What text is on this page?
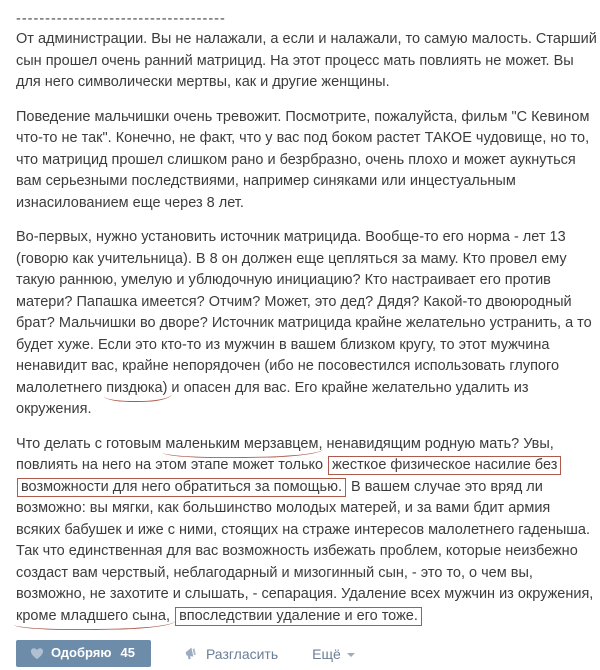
------------------------------------
От администрации. Вы не налажали, а если и налажали, то самую малость. Старший
сын прошел очень ранний матрицид. На этот процесс мать повлиять не может. Вы
для него символически мертвы, как и другие женщины.
Поведение мальчишки очень тревожит. Посмотрите, пожалуйста, фильм "С Кевином
что-то не так". Конечно, не факт, что у вас под боком растет ТАКОЕ чудовище, но то,
что матрицид прошел слишком рано и безрбразно, очень плохо и может аукнуться
вам серьезными последствиями, например синяками или инцестуальным
изнасилованием еще через 8 лет.
Во-первых, нужно установить источник матрицида. Вообще-то его норма - лет 13
(говорю как учительница). В 8 он должен еще цепляться за маму. Кто провел ему
такую раннюю, умелую и ублюдочную инициацию? Кто настраивает его против
матери? Папашка имеется? Отчим? Может, это дед? Дядя? Какой-то двоюродный
брат? Мальчишки во дворе? Источник матрицида крайне желательно устранить, а то
будет хуже. Если это кто-то из мужчин в вашем близком кругу, то этот мужчина
ненавидит вас, крайне непорядочен (ибо не посовестился использовать глупого
малолетнего пиздюка) и опасен для вас. Его крайне желательно удалить из
окружения.
Что делать с готовым маленьким мерзавцем, ненавидящим родную мать? Увы,
повлиять на него на этом этапе может только жесткое физическое насилие без
возможности для него обратиться за помощью. В вашем случае это вряд ли
возможно: вы мягки, как большинство молодых матерей, и за вами бдит армия
всяких бабушек и иже с ними, стоящих на страже интересов малолетнего гаденыша.
Так что единственная для вас возможность избежать проблем, которые неизбежно
создаст вам черствый, неблагодарный и мизогинный сын, - это то, о чем вы,
возможно, не захотите и слышать, - сепарация. Удаление всех мужчин из окружения,
кроме младшего сына, впоследствии удаление и его тоже.
Одобряю 45	Разгласить Ещё
